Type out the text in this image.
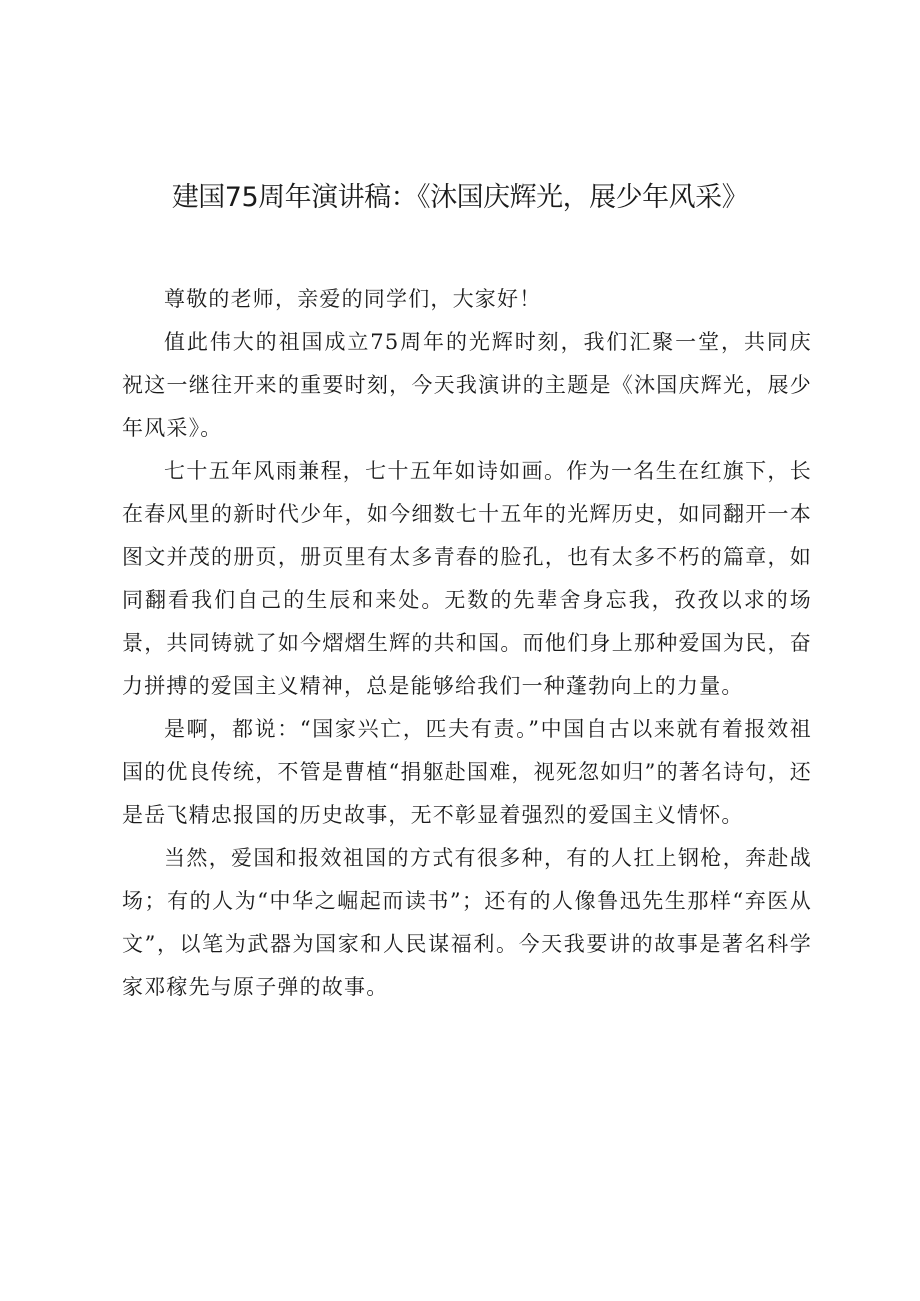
建国75周年演讲稿：《沐国庆辉光，展少年风采》

尊敬的老师，亲爱的同学们，大家好！

值此伟大的祖国成立75周年的光辉时刻，我们汇聚一堂，共同庆祝这一继往开来的重要时刻，今天我演讲的主题是《沐国庆辉光，展少年风采》。

七十五年风雨兼程，七十五年如诗如画。作为一名生在红旗下，长在春风里的新时代少年，如今细数七十五年的光辉历史，如同翻开一本图文并茂的册页，册页里有太多青春的脸孔，也有太多不朽的篇章，如同翻看我们自己的生辰和来处。无数的先辈舍身忘我，孜孜以求的场景，共同铸就了如今熠熠生辉的共和国。而他们身上那种爱国为民，奋力拼搏的爱国主义精神，总是能够给我们一种蓬勃向上的力量。

是啊，都说：“国家兴亡，匹夫有责。”中国自古以来就有着报效祖国的优良传统，不管是曹植“捐躯赴国难，视死忽如归”的著名诗句，还是岳飞精忠报国的历史故事，无不彰显着强烈的爱国主义情怀。

当然，爱国和报效祖国的方式有很多种，有的人扛上钢枪，奔赴战场；有的人为“中华之崛起而读书”；还有的人像鲁迅先生那样“弃医从文”，以笔为武器为国家和人民谋福利。今天我要讲的故事是著名科学家邓稼先与原子弹的故事。
